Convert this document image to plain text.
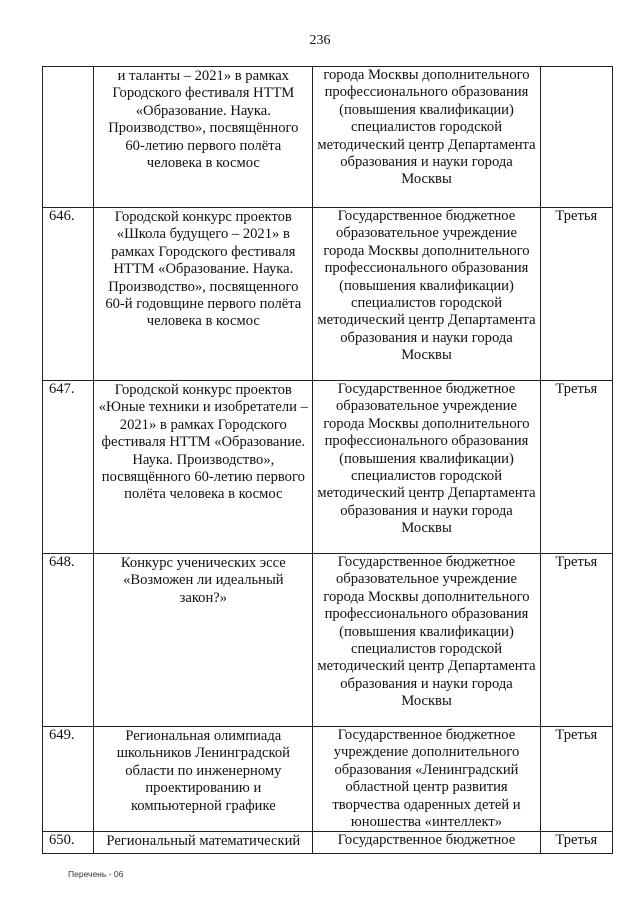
236
	и таланты – 2021» в рамках Городского фестиваля НТТМ «Образование. Наука. Производство», посвящённого 60-летию первого полёта человека в космос	города Москвы дополнительного профессионального образования (повышения квалификации) специалистов городской методический центр Департамента образования и науки города Москвы	
646.	Городской конкурс проектов «Школа будущего – 2021» в рамках Городского фестиваля НТТМ «Образование. Наука. Производство», посвященного 60-й годовщине первого полёта человека в космос	Государственное бюджетное образовательное учреждение города Москвы дополнительного профессионального образования (повышения квалификации) специалистов городской методический центр Департамента образования и науки города Москвы	Третья
647.	Городской конкурс проектов «Юные техники и изобретатели – 2021» в рамках Городского фестиваля НТТМ «Образование. Наука. Производство», посвящённого 60-летию первого полёта человека в космос	Государственное бюджетное образовательное учреждение города Москвы дополнительного профессионального образования (повышения квалификации) специалистов городской методический центр Департамента образования и науки города Москвы	Третья
648.	Конкурс ученических эссе «Возможен ли идеальный закон?»	Государственное бюджетное образовательное учреждение города Москвы дополнительного профессионального образования (повышения квалификации) специалистов городской методический центр Департамента образования и науки города Москвы	Третья
649.	Региональная олимпиада школьников Ленинградской области по инженерному проектированию и компьютерной графике	Государственное бюджетное учреждение дополнительного образования «Ленинградский областной центр развития творчества одаренных детей и юношества «интеллект»	Третья
650.	Региональный математический	Государственное бюджетное	Третья
Перечень - 06
